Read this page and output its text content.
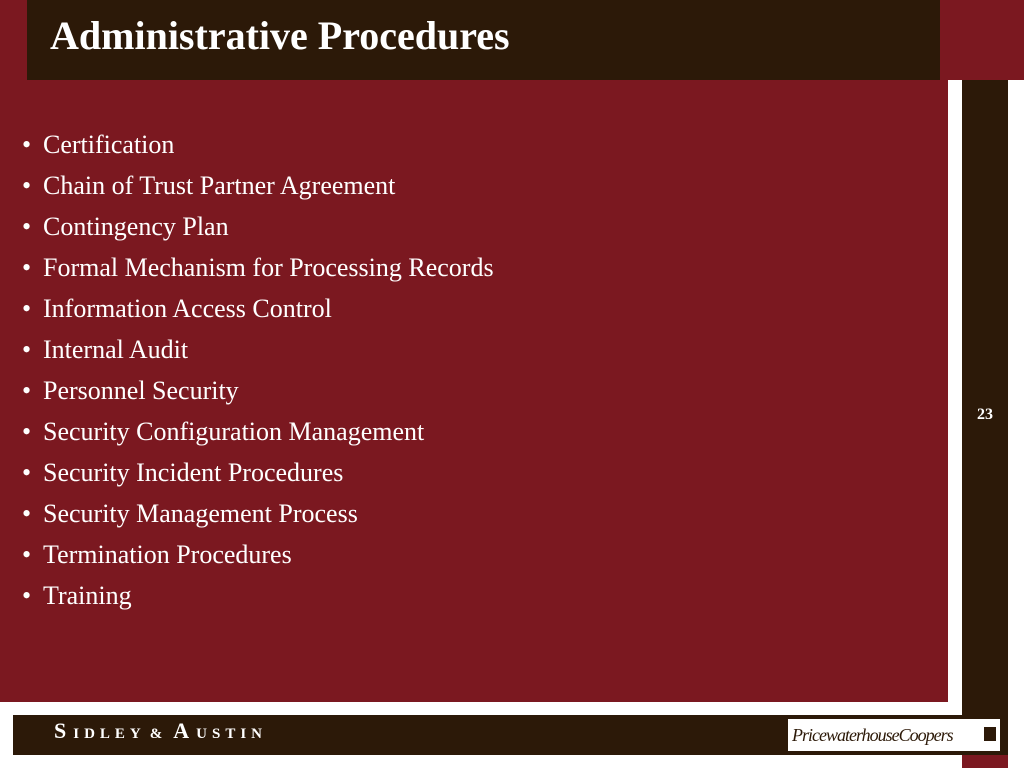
Administrative Procedures
• Certification
• Chain of Trust Partner Agreement
• Contingency Plan
• Formal Mechanism for Processing Records
• Information Access Control
• Internal Audit
• Personnel Security
• Security Configuration Management
• Security Incident Procedures
• Security Management Process
• Termination Procedures
• Training
23
S IDLEY & A USTIN	PricewaterhouseCoopers
